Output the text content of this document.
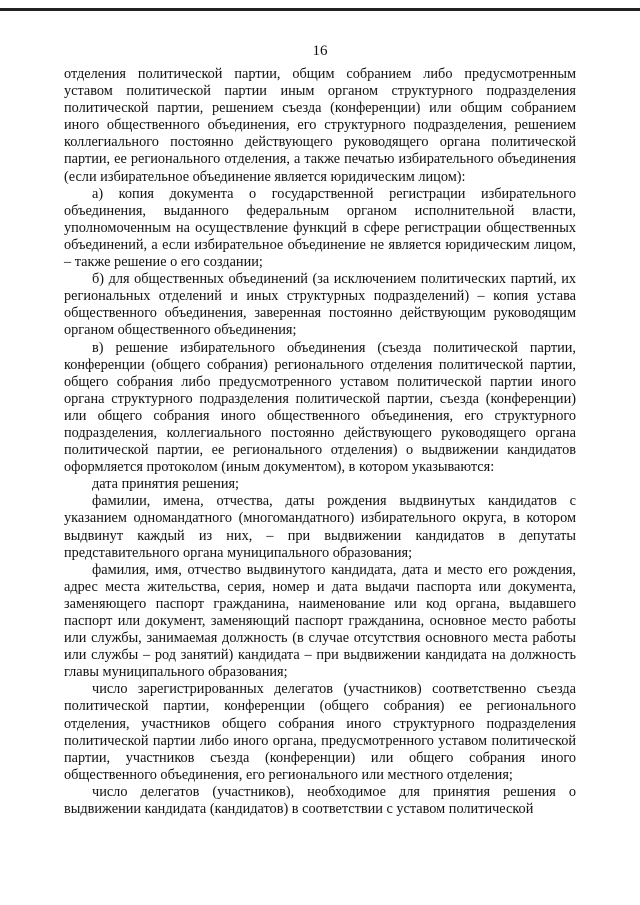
16

отделения политической партии, общим собранием либо предусмотренным уставом политической партии иным органом структурного подразделения политической партии, решением съезда (конференции) или общим собранием иного общественного объединения, его структурного подразделения, решением коллегиального постоянно действующего руководящего органа политической партии, ее регионального отделения, а также печатью избирательного объединения (если избирательное объединение является юридическим лицом):

а) копия документа о государственной регистрации избирательного объединения, выданного федеральным органом исполнительной власти, уполномоченным на осуществление функций в сфере регистрации общественных объединений, а если избирательное объединение не является юридическим лицом, – также решение о его создании;

б) для общественных объединений (за исключением политических партий, их региональных отделений и иных структурных подразделений) – копия устава общественного объединения, заверенная постоянно действующим руководящим органом общественного объединения;

в) решение избирательного объединения (съезда политической партии, конференции (общего собрания) регионального отделения политической партии, общего собрания либо предусмотренного уставом политической партии иного органа структурного подразделения политической партии, съезда (конференции) или общего собрания иного общественного объединения, его структурного подразделения, коллегиального постоянно действующего руководящего органа политической партии, ее регионального отделения) о выдвижении кандидатов оформляется протоколом (иным документом), в котором указываются:

дата принятия решения;

фамилии, имена, отчества, даты рождения выдвинутых кандидатов с указанием одномандатного (многомандатного) избирательного округа, в котором выдвинут каждый из них, – при выдвижении кандидатов в депутаты представительного органа муниципального образования;

фамилия, имя, отчество выдвинутого кандидата, дата и место его рождения, адрес места жительства, серия, номер и дата выдачи паспорта или документа, заменяющего паспорт гражданина, наименование или код органа, выдавшего паспорт или документ, заменяющий паспорт гражданина, основное место работы или службы, занимаемая должность (в случае отсутствия основного места работы или службы – род занятий) кандидата – при выдвижении кандидата на должность главы муниципального образования;

число зарегистрированных делегатов (участников) соответственно съезда политической партии, конференции (общего собрания) ее регионального отделения, участников общего собрания иного структурного подразделения политической партии либо иного органа, предусмотренного уставом политической партии, участников съезда (конференции) или общего собрания иного общественного объединения, его регионального или местного отделения;

число делегатов (участников), необходимое для принятия решения о выдвижении кандидата (кандидатов) в соответствии с уставом политической
